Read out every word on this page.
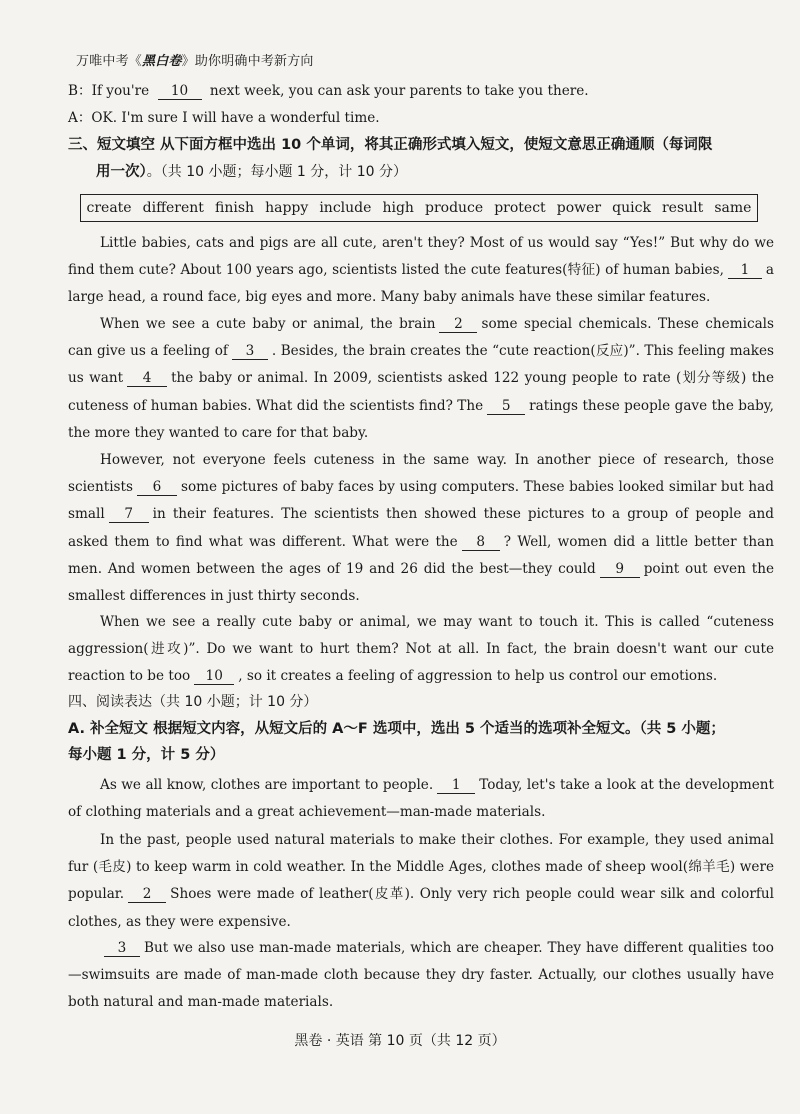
万唯中考《黑白卷》助你明确中考新方向
B：If you're 10 next week, you can ask your parents to take you there.
A：OK. I'm sure I will have a wonderful time.
三、短文填空 从下面方框中选出 10 个单词，将其正确形式填入短文，使短文意思正确通顺（每词限
用一次）。（共 10 小题；每小题 1 分，计 10 分）
create different finish happy include high produce protect power quick result same
Little babies, cats and pigs are all cute, aren't they? Most of us would say “Yes!” But why do we find them cute? About 100 years ago, scientists listed the cute features(特征) of human babies, 1 a large head, a round face, big eyes and more. Many baby animals have these similar features.
When we see a cute baby or animal, the brain 2 some special chemicals. These chemicals can give us a feeling of 3 . Besides, the brain creates the “cute reaction(反应)”. This feeling makes us want 4 the baby or animal. In 2009, scientists asked 122 young people to rate (划分等级) the cuteness of human babies. What did the scientists find? The 5 ratings these people gave the baby, the more they wanted to care for that baby.
However, not everyone feels cuteness in the same way. In another piece of research, those scientists 6 some pictures of baby faces by using computers. These babies looked similar but had small 7 in their features. The scientists then showed these pictures to a group of people and asked them to find what was different. What were the 8 ? Well, women did a little better than men. And women between the ages of 19 and 26 did the best—they could 9 point out even the smallest differences in just thirty seconds.
When we see a really cute baby or animal, we may want to touch it. This is called “cuteness aggression(进攻)”. Do we want to hurt them? Not at all. In fact, the brain doesn't want our cute reaction to be too 10 , so it creates a feeling of aggression to help us control our emotions.
四、阅读表达（共 10 小题；计 10 分）
A. 补全短文 根据短文内容，从短文后的 A～F 选项中，选出 5 个适当的选项补全短文。（共 5 小题；
每小题 1 分，计 5 分）
As we all know, clothes are important to people. 1 Today, let's take a look at the development of clothing materials and a great achievement—man-made materials.
In the past, people used natural materials to make their clothes. For example, they used animal fur (毛皮) to keep warm in cold weather. In the Middle Ages, clothes made of sheep wool(绵羊毛) were popular. 2 Shoes were made of leather(皮革). Only very rich people could wear silk and colorful clothes, as they were expensive.
3 But we also use man-made materials, which are cheaper. They have different qualities too—swimsuits are made of man-made cloth because they dry faster. Actually, our clothes usually have both natural and man-made materials.
黑卷 · 英语 第 10 页（共 12 页）
